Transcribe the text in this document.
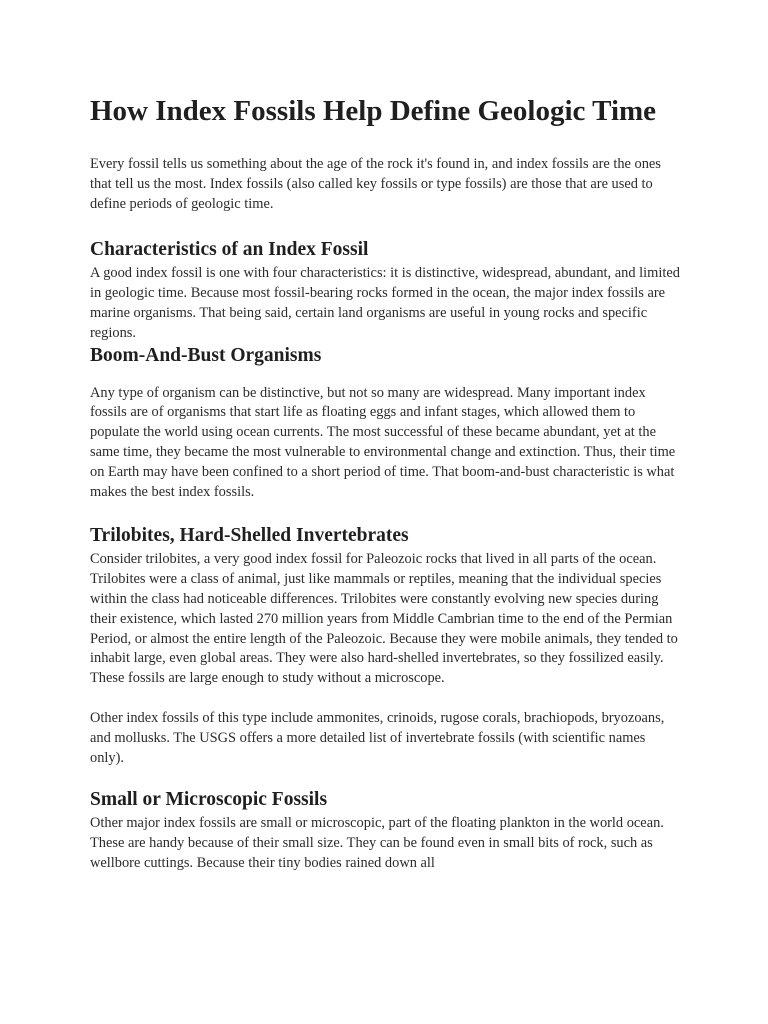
How Index Fossils Help Define Geologic Time

Every fossil tells us something about the age of the rock it's found in, and index fossils are the ones that tell us the most. Index fossils (also called key fossils or type fossils) are those that are used to define periods of geologic time.

Characteristics of an Index Fossil

A good index fossil is one with four characteristics: it is distinctive, widespread, abundant, and limited in geologic time. Because most fossil-bearing rocks formed in the ocean, the major index fossils are marine organisms. That being said, certain land organisms are useful in young rocks and specific regions.

Boom-And-Bust Organisms

Any type of organism can be distinctive, but not so many are widespread. Many important index fossils are of organisms that start life as floating eggs and infant stages, which allowed them to populate the world using ocean currents. The most successful of these became abundant, yet at the same time, they became the most vulnerable to environmental change and extinction. Thus, their time on Earth may have been confined to a short period of time. That boom-and-bust characteristic is what makes the best index fossils.

Trilobites, Hard-Shelled Invertebrates

Consider trilobites, a very good index fossil for Paleozoic rocks that lived in all parts of the ocean. Trilobites were a class of animal, just like mammals or reptiles, meaning that the individual species within the class had noticeable differences. Trilobites were constantly evolving new species during their existence, which lasted 270 million years from Middle Cambrian time to the end of the Permian Period, or almost the entire length of the Paleozoic. Because they were mobile animals, they tended to inhabit large, even global areas. They were also hard-shelled invertebrates, so they fossilized easily. These fossils are large enough to study without a microscope.

Other index fossils of this type include ammonites, crinoids, rugose corals, brachiopods, bryozoans, and mollusks. The USGS offers a more detailed list of invertebrate fossils (with scientific names only).

Small or Microscopic Fossils

Other major index fossils are small or microscopic, part of the floating plankton in the world ocean. These are handy because of their small size. They can be found even in small bits of rock, such as wellbore cuttings. Because their tiny bodies rained down all
